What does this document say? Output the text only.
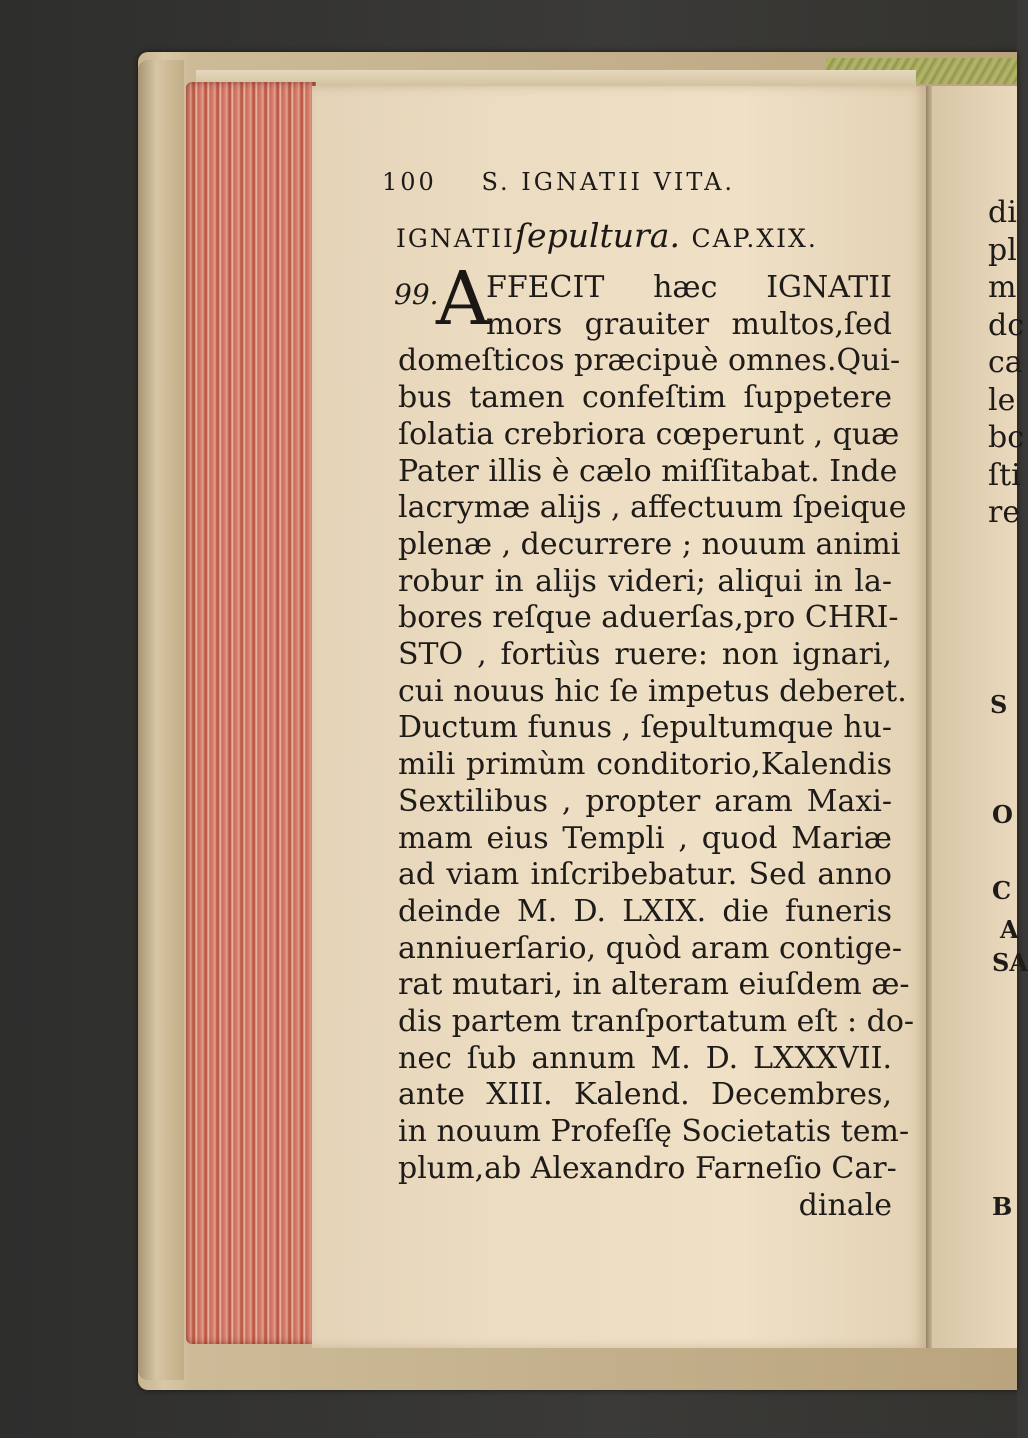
100 S. IGNATII VITA.
IGNATIIſepultura. CAP.XIX.
99.
A
FFECIT hæc IGNATII
mors grauiter multos,ſed
domeſticos præcipuè omnes.Qui-
bus tamen confeſtim ſuppetere
ſolatia crebriora cœperunt , quæ
Pater illis è cælo miſſitabat. Inde
lacrymæ alijs , affectuum ſpeique
plenæ , decurrere ; nouum animi
robur in alijs videri; aliqui in la-
bores reſque aduerſas,pro CHRI-
STO , fortiùs ruere: non ignari,
cui nouus hic ſe impetus deberet.
Ductum funus , ſepultumque hu-
mili primùm conditorio,Kalendis
Sextilibus , propter aram Maxi-
mam eius Templi , quod Mariæ
ad viam inſcribebatur. Sed anno
deinde M. D. LXIX. die funeris
anniuerſario, quòd aram contige-
rat mutari, in alteram eiuſdem æ-
dis partem tranſportatum eſt : do-
nec ſub annum M. D. LXXXVII.
ante XIII. Kalend. Decembres,
in nouum Profeſſę Societatis tem-
plum,ab Alexandro Farneſio Car-
dinale
di
pl
m
dc
ca
le
bc
ſti
re
S
O
C
A
SA
B
